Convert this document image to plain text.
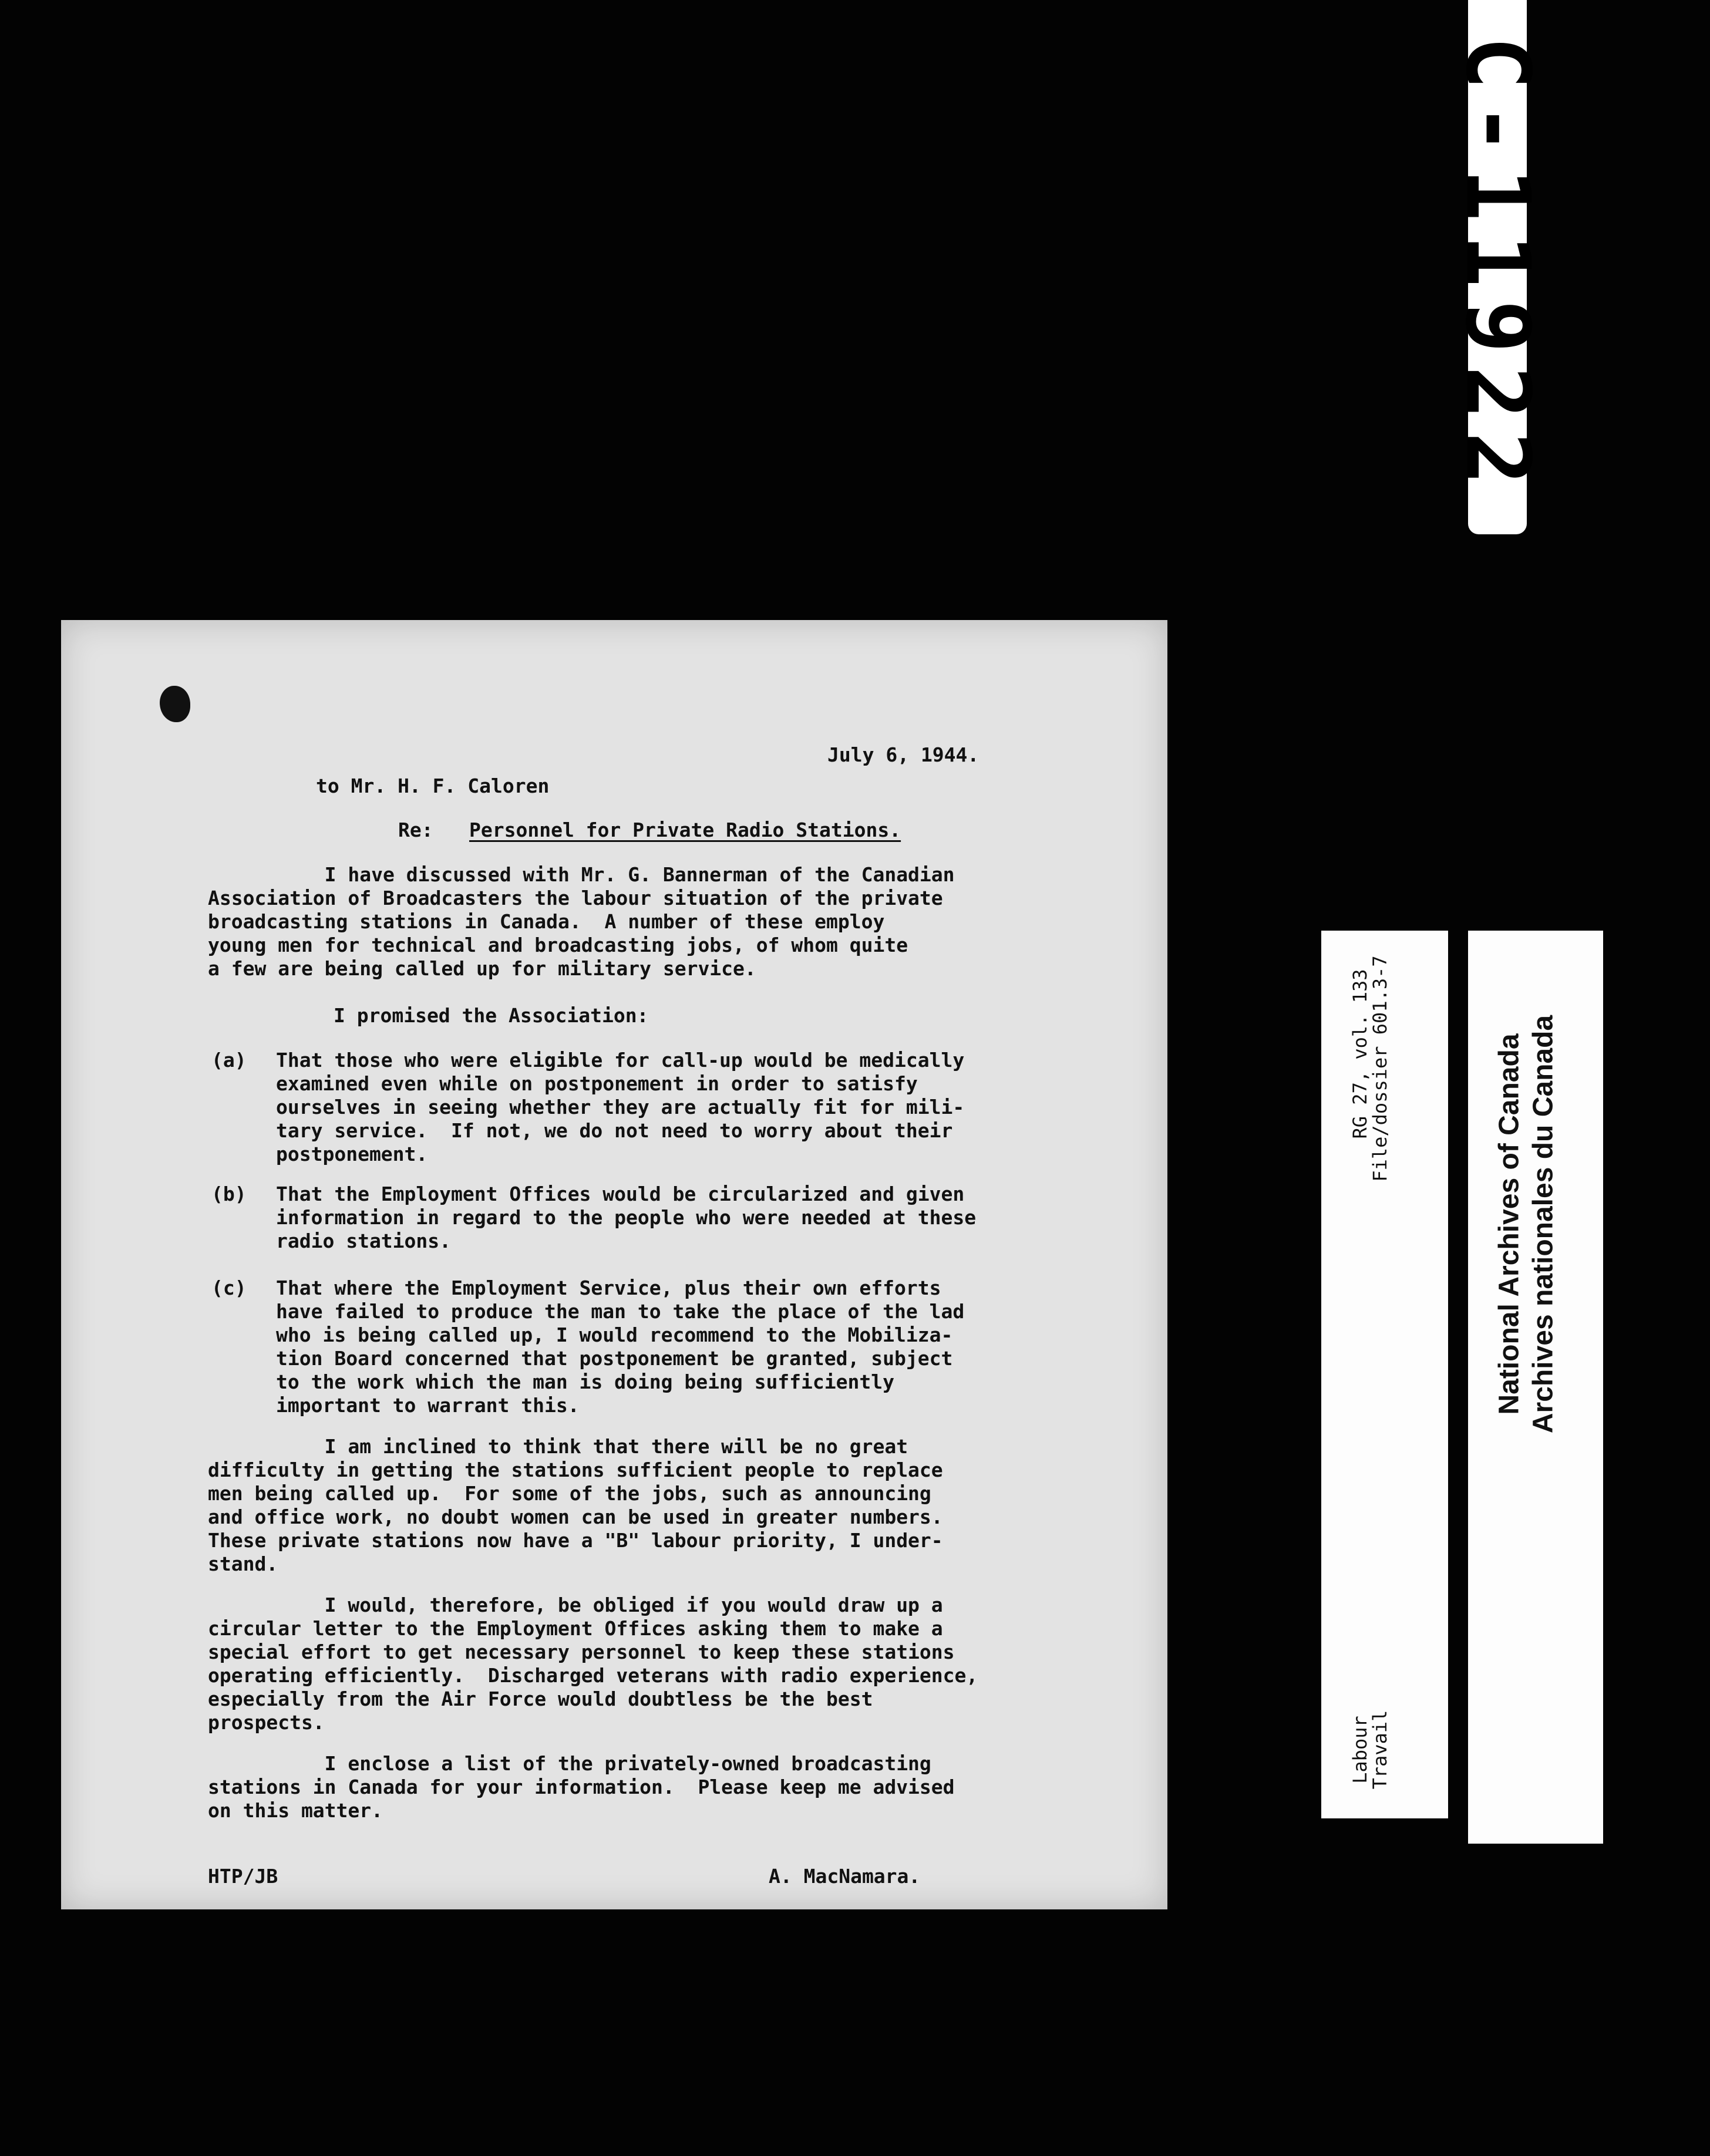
July 6, 1944.
to Mr. H. F. Caloren
Re: Personnel for Private Radio Stations.
I have discussed with Mr. G. Bannerman of the Canadian
Association of Broadcasters the labour situation of the private
broadcasting stations in Canada.  A number of these employ
young men for technical and broadcasting jobs, of whom quite
a few are being called up for military service.
I promised the Association:
(a) That those who were eligible for call-up would be medically
examined even while on postponement in order to satisfy
ourselves in seeing whether they are actually fit for mili-
tary service.  If not, we do not need to worry about their
postponement.
(b) That the Employment Offices would be circularized and given
information in regard to the people who were needed at these
radio stations.
(c) That where the Employment Service, plus their own efforts
have failed to produce the man to take the place of the lad
who is being called up, I would recommend to the Mobiliza-
tion Board concerned that postponement be granted, subject
to the work which the man is doing being sufficiently
important to warrant this.
I am inclined to think that there will be no great
difficulty in getting the stations sufficient people to replace
men being called up.  For some of the jobs, such as announcing
and office work, no doubt women can be used in greater numbers.
These private stations now have a "B" labour priority, I under-
stand.
I would, therefore, be obliged if you would draw up a
circular letter to the Employment Offices asking them to make a
special effort to get necessary personnel to keep these stations
operating efficiently.  Discharged veterans with radio experience,
especially from the Air Force would doubtless be the best
prospects.
I enclose a list of the privately-owned broadcasting
stations in Canada for your information.  Please keep me advised
on this matter.
HTP/JB	A. MacNamara.
C-11922
RG 27, vol. 133
File/dossier 601.3-7
Labour
Travail
National Archives of Canada Archives nationales du Canada
